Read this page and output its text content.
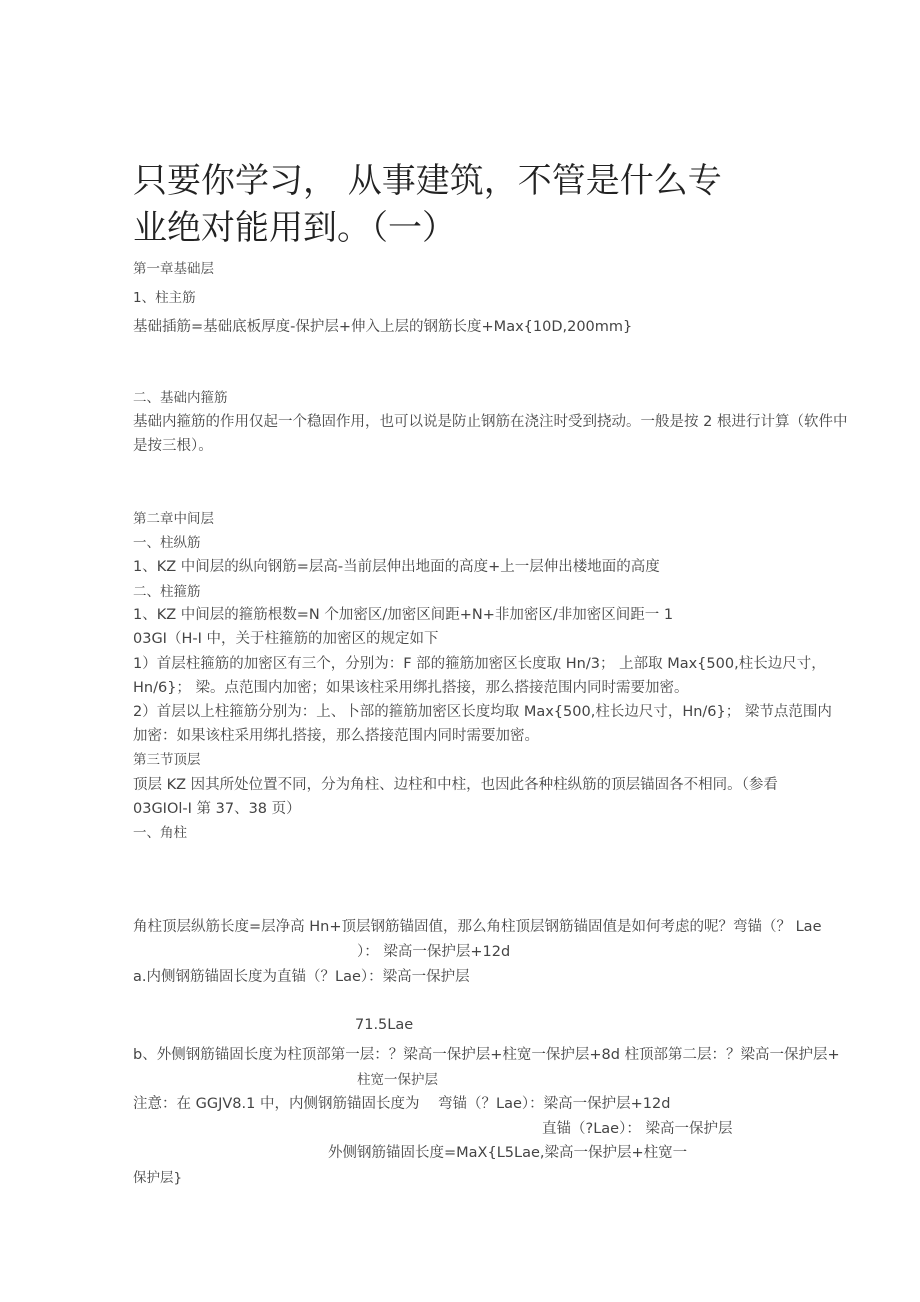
只要你学习， 从事建筑，不管是什么专
业绝对能用到。（一）
第一章基础层
1、柱主筋
基础插筋=基础底板厚度-保护层+伸入上层的钢筋长度+Max{10D,200mm}
二、基础内箍筋
基础内箍筋的作用仅起一个稳固作用，也可以说是防止钢筋在浇注时受到挠动。一般是按 2 根进行计算（软件中
是按三根）。
第二章中间层
一、柱纵筋
1、KZ 中间层的纵向钢筋=层高-当前层伸出地面的高度+上一层伸出楼地面的高度
二、柱箍筋
1、KZ 中间层的箍筋根数=N 个加密区/加密区间距+N+非加密区/非加密区间距一 1
03GI（H-I 中，关于柱箍筋的加密区的规定如下
1）首层柱箍筋的加密区有三个，分别为：F 部的箍筋加密区长度取 Hn/3； 上部取 Max{500,柱长边尺寸，
Hn/6}； 梁。点范围内加密；如果该柱采用绑扎搭接，那么搭接范围内同时需要加密。
2）首层以上柱箍筋分别为：上、卜部的箍筋加密区长度均取 Max{500,柱长边尺寸，Hn/6}； 梁节点范围内
加密：如果该柱采用绑扎搭接，那么搭接范围内同时需要加密。
第三节顶层
顶层 KZ 因其所处位置不同，分为角柱、边柱和中柱，也因此各种柱纵筋的顶层锚固各不相同。（参看
03GIOl-I 第 37、38 页）
一、角柱
角柱顶层纵筋长度=层净高 Hn+顶层钢筋锚固值，那么角柱顶层钢筋锚固值是如何考虑的呢？弯锚（？ Lae
）： 梁高一保护层+12d
a.内侧钢筋锚固长度为直锚（？Lae）：梁高一保护层
71.5Lae
b、外侧钢筋锚固长度为柱顶部第一层：？梁高一保护层+柱宽一保护层+8d 柱顶部第二层：？梁高一保护层+
柱宽一保护层
注意：在 GGJV8.1 中，内侧钢筋锚固长度为 弯锚（？Lae）：梁高一保护层+12d
直锚（?Lae）： 梁高一保护层
外侧钢筋锚固长度=MaX{L5Lae,梁高一保护层+柱宽一
保护层}
